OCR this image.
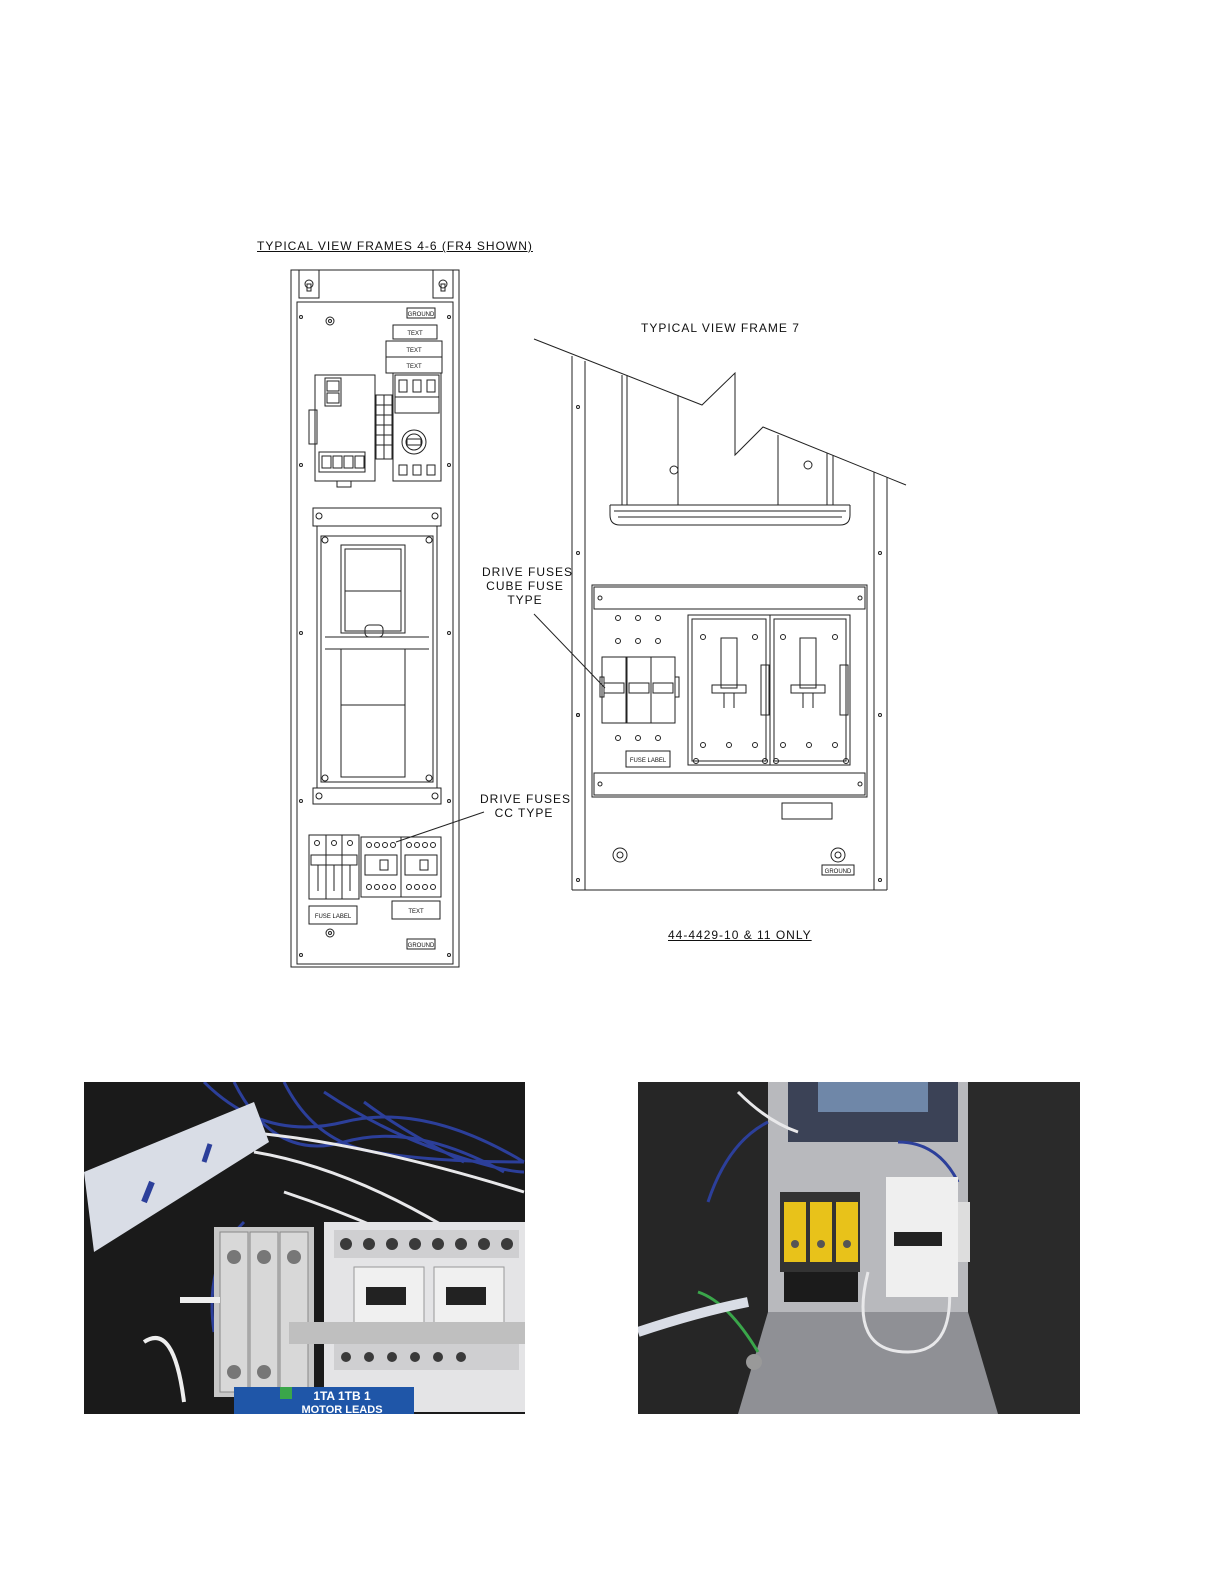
TYPICAL VIEW FRAMES 4-6 (FR4 SHOWN)
TYPICAL VIEW FRAME 7
DRIVE FUSES
CUBE FUSE
TYPE
DRIVE FUSES
CC TYPE
44-4429-10 & 11 ONLY
GROUND
TEXT
TEXT
TEXT
FUSE LABEL
TEXT
GROUND
FUSE LABEL
GROUND
1TA 1TB 1
MOTOR LEADS
